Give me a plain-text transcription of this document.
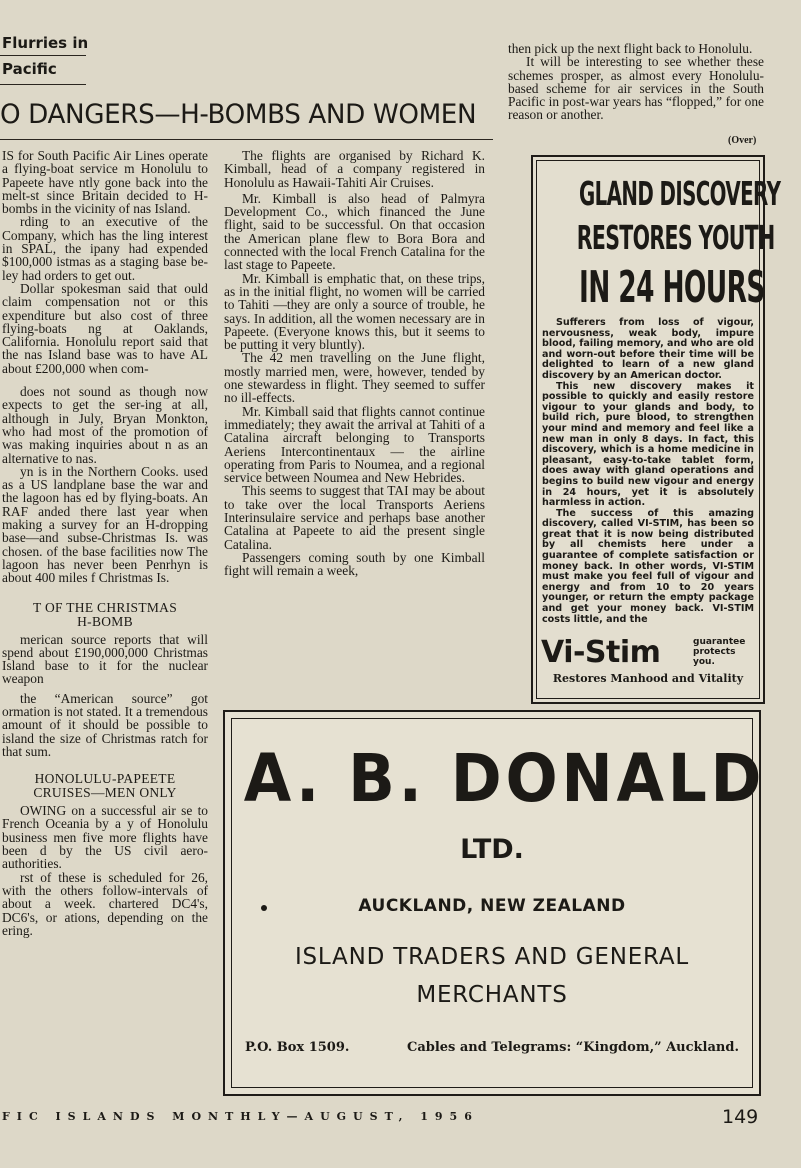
Flurries in
Pacific
O DANGERS—H-BOMBS AND WOMEN

IS for South Pacific Air Lines operate a flying-boat service m Honolulu to Papeete have ntly gone back into the melt-st since Britain decided to H-bombs in the vicinity of nas Island.

rding to an executive of the Company, which has the ling interest in SPAL, the ipany had expended $100,000 istmas as a staging base be-ley had orders to get out.

Dollar spokesman said that ould claim compensation not or this expenditure but also cost of three flying-boats ng at Oaklands, California. Honolulu report said that the nas Island base was to have AL about £200,000 when com-

does not sound as though now expects to get the ser-ing at all, although in July, Bryan Monkton, who had most of the promotion of was making inquiries about n as an alternative to nas.

yn is in the Northern Cooks. used as a US landplane base the war and the lagoon has ed by flying-boats. An RAF anded there last year when making a survey for an H-dropping base—and subse-Christmas Is. was chosen. of the base facilities now The lagoon has never been Penrhyn is about 400 miles f Christmas Is.

T OF THE CHRISTMAS

H-BOMB

merican source reports that will spend about £190,000,000 Christmas Island base to it for the nuclear weapon

the “American source” got ormation is not stated. It a tremendous amount of it should be possible to island the size of Christmas ratch for that sum.

HONOLULU-PAPEETE

CRUISES—MEN ONLY

OWING on a successful air se to French Oceania by a y of Honolulu business men five more flights have been d by the US civil aero-authorities.

rst of these is scheduled for 26, with the others follow-intervals of about a week. chartered DC4's, DC6's, or ations, depending on the ering.

The flights are organised by Richard K. Kimball, head of a company registered in Honolulu as Hawaii-Tahiti Air Cruises.

Mr. Kimball is also head of Palmyra Development Co., which financed the June flight, said to be successful. On that occasion the American plane flew to Bora Bora and connected with the local French Catalina for the last stage to Papeete.

Mr. Kimball is emphatic that, on these trips, as in the initial flight, no women will be carried to Tahiti —they are only a source of trouble, he says. In addition, all the women necessary are in Papeete. (Everyone knows this, but it seems to be putting it very bluntly).

The 42 men travelling on the June flight, mostly married men, were, however, tended by one stewardess in flight. They seemed to suffer no ill-effects.

Mr. Kimball said that flights cannot continue immediately; they await the arrival at Tahiti of a Catalina aircraft belonging to Transports Aeriens Intercontinentaux — the airline operating from Paris to Noumea, and a regional service between Noumea and New Hebrides.

This seems to suggest that TAI may be about to take over the local Transports Aeriens Interinsulaire service and perhaps base another Catalina at Papeete to aid the present single Catalina.

Passengers coming south by one Kimball fight will remain a week,

then pick up the next flight back to Honolulu.

It will be interesting to see whether these schemes prosper, as almost every Honolulu-based scheme for air services in the South Pacific in post-war years has “flopped,” for one reason or another.

(Over)
GLAND DISCOVERY
RESTORES YOUTH
IN 24 HOURS

Sufferers from loss of vigour, nervousness, weak body, impure blood, failing memory, and who are old and worn-out before their time will be delighted to learn of a new gland discovery by an American doctor.

This new discovery makes it possible to quickly and easily restore vigour to your glands and body, to build rich, pure blood, to strengthen your mind and memory and feel like a new man in only 8 days. In fact, this discovery, which is a home medicine in pleasant, easy-to-take tablet form, does away with gland operations and begins to build new vigour and energy in 24 hours, yet it is absolutely harmless in action.

The success of this amazing discovery, called VI-STIM, has been so great that it is now being distributed by all chemists here under a guarantee of complete satisfaction or money back. In other words, VI-STIM must make you feel full of vigour and energy and from 10 to 20 years younger, or return the empty package and get your money back. VI-STIM costs little, and the

Vi-Stim	guarantee protects you.
Restores Manhood and Vitality
A. B. DONALD
LTD.
AUCKLAND, NEW ZEALAND
ISLAND TRADERS AND GENERAL
MERCHANTS
P.O. Box 1509.	Cables and Telegrams: “Kingdom,” Auckland.
FIC ISLANDS MONTHLY—AUGUST, 1956	149
